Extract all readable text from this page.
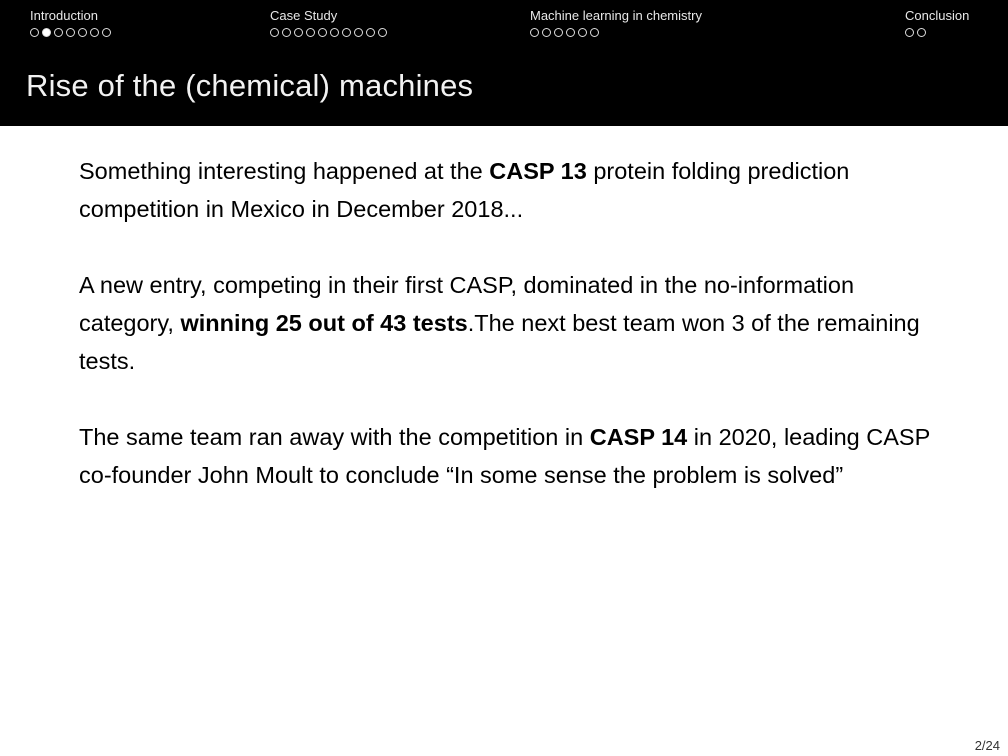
Introduction	Case Study	Machine learning in chemistry	Conclusion
Rise of the (chemical) machines

Something interesting happened at the CASP 13 protein folding prediction competition in Mexico in December 2018...

A new entry, competing in their first CASP, dominated in the no-information category, winning 25 out of 43 tests.The next best team won 3 of the remaining tests.

The same team ran away with the competition in CASP 14 in 2020, leading CASP co-founder John Moult to conclude “In some sense the problem is solved”

2/24
